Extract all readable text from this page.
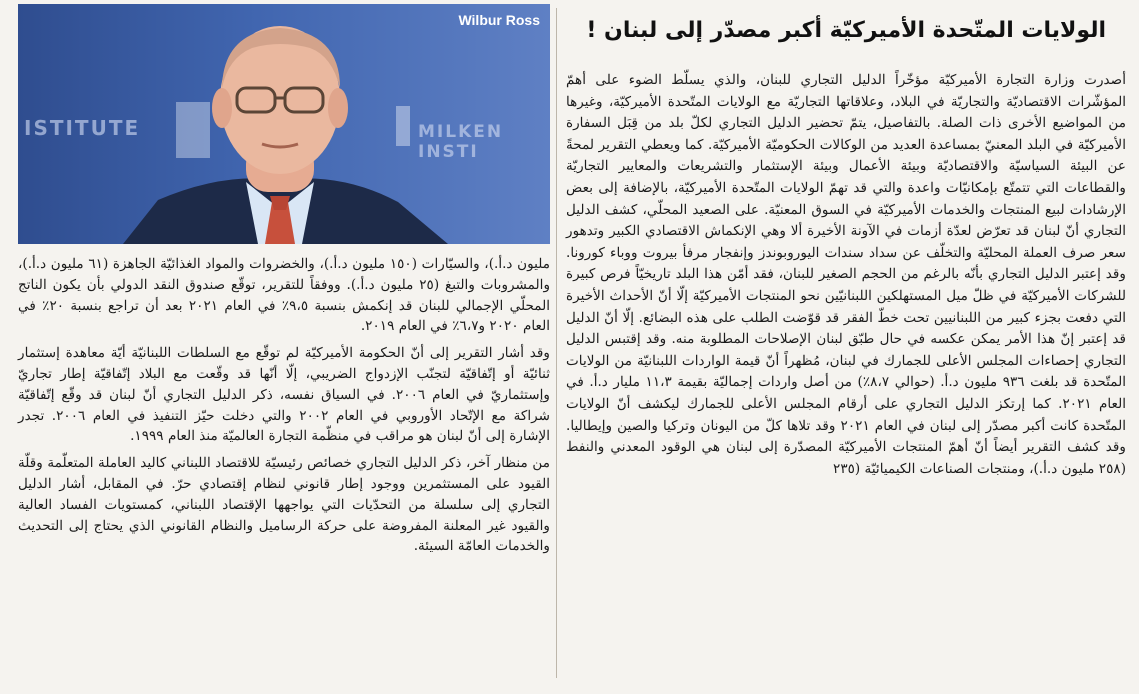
الولايات المتّحدة الأميركيّة أكبر مصدّر إلى لبنان !

أصدرت وزارة التجارة الأميركيّة مؤخّراً الدليل التجاري للبنان، والذي يسلّط الضوء على أهمّ المؤشّرات الاقتصاديّة والتجاريّة في البلاد، وعلاقاتها التجاريّة مع الولايات المتّحدة الأميركيّة، وغيرها من المواضيع الأخرى ذات الصلة. بالتفاصيل، يتمّ تحضير الدليل التجاري لكلّ بلد من قِبَل السفارة الأميركيّة في البلد المعنيّ بمساعدة العديد من الوكالات الحكوميّة الأميركيّة. كما ويعطي التقرير لمحةً عن البيئة السياسيّة والاقتصاديّة وبيئة الأعمال وبيئة الإستثمار والتشريعات والمعايير التجاريّة والقطاعات التي تتمتّع بإمكانيّات واعدة والتي قد تهمّ الولايات المتّحدة الأميركيّة، بالإضافة إلى بعض الإرشادات لبيع المنتجات والخدمات الأميركيّة في السوق المعنيّة. على الصعيد المحلّي، كشف الدليل التجاري أنّ لبنان قد تعرّض لعدّة أزمات في الآونة الأخيرة ألا وهي الإنكماش الاقتصادي الكبير وتدهور سعر صرف العملة المحليّة والتخلّف عن سداد سندات اليوروبوندز وإنفجار مرفأ بيروت ووباء كورونا. وقد إعتبر الدليل التجاري بأنّه بالرغم من الحجم الصغير للبنان، فقد أمّن هذا البلد تاريخيّاً فرص كبيرة للشركات الأميركيّة في ظلّ ميل المستهلكين اللبنانيّين نحو المنتجات الأميركيّة إلّا أنّ الأحداث الأخيرة التي دفعت بجزء كبير من اللبنانيين تحت خطّ الفقر قد قوّضت الطلب على هذه البضائع. إلّا أنّ الدليل قد إعتبر إنّ هذا الأمر يمكن عكسه في حال طبّق لبنان الإصلاحات المطلوبة منه. وقد إقتبس الدليل التجاري إحصاءات المجلس الأعلى للجمارك في لبنان، مُظهراً أنّ قيمة الواردات اللبنانيّة من الولايات المتّحدة قد بلغت ٩٣٦ مليون د.أ. (حوالي ٨،٧٪) من أصل واردات إجماليّة بقيمة ١١،٣ مليار د.أ. في العام ٢٠٢١. كما إرتكز الدليل التجاري على أرقام المجلس الأعلى للجمارك ليكشف أنّ الولايات المتّحدة كانت أكبر مصدّر إلى لبنان في العام ٢٠٢١ وقد تلاها كلّ من اليونان وتركيا والصين وإيطاليا. وقد كشف التقرير أيضاً أنّ أهمّ المنتجات الأميركيّة المصدّرة إلى لبنان هي الوقود المعدني والنفط (٢٥٨ مليون د.أ.)، ومنتجات الصناعات الكيميائيّة (٢٣٥

ISTITUTE	MILKEN INSTI
Wilbur Ross

مليون د.أ.)، والسيّارات (١٥٠ مليون د.أ.)، والخضروات والمواد الغذائيّة الجاهزة (٦١ مليون د.أ.)، والمشروبات والتبغ (٢٥ مليون د.أ.). ووفقاً للتقرير، توقّع صندوق النقد الدولي بأن يكون الناتج المحلّي الإجمالي للبنان قد إنكمش بنسبة ٩،٥٪ في العام ٢٠٢١ بعد أن تراجع بنسبة ٢٠٪ في العام ٢٠٢٠ و٦،٧٪ في العام ٢٠١٩.

وقد أشار التقرير إلى أنّ الحكومة الأميركيّة لم توقّع مع السلطات اللبنانيّة أيّة معاهدة إستثمار ثنائيّة أو إتّفاقيّة لتجنّب الإزدواج الضريبي، إلّا أنّها قد وقّعت مع البلاد إتّفاقيّة إطار تجاريّ وإستثماريّ في العام ٢٠٠٦. في السياق نفسه، ذكر الدليل التجاري أنّ لبنان قد وقّع إتّفاقيّة شراكة مع الإتّحاد الأوروبي في العام ٢٠٠٢ والتي دخلت حيّز التنفيذ في العام ٢٠٠٦. تجدر الإشارة إلى أنّ لبنان هو مراقب في منظّمة التجارة العالميّة منذ العام ١٩٩٩.

من منظار آخر، ذكر الدليل التجاري خصائص رئيسيّة للاقتصاد اللبناني كاليد العاملة المتعلّمة وقلّة القيود على المستثمرين ووجود إطار قانوني لنظام إقتصادي حرّ. في المقابل، أشار الدليل التجاري إلى سلسلة من التحدّيات التي يواجهها الإقتصاد اللبناني، كمستويات الفساد العالية والقيود غير المعلنة المفروضة على حركة الرساميل والنظام القانوني الذي يحتاج إلى التحديث والخدمات العامّة السيئة.
